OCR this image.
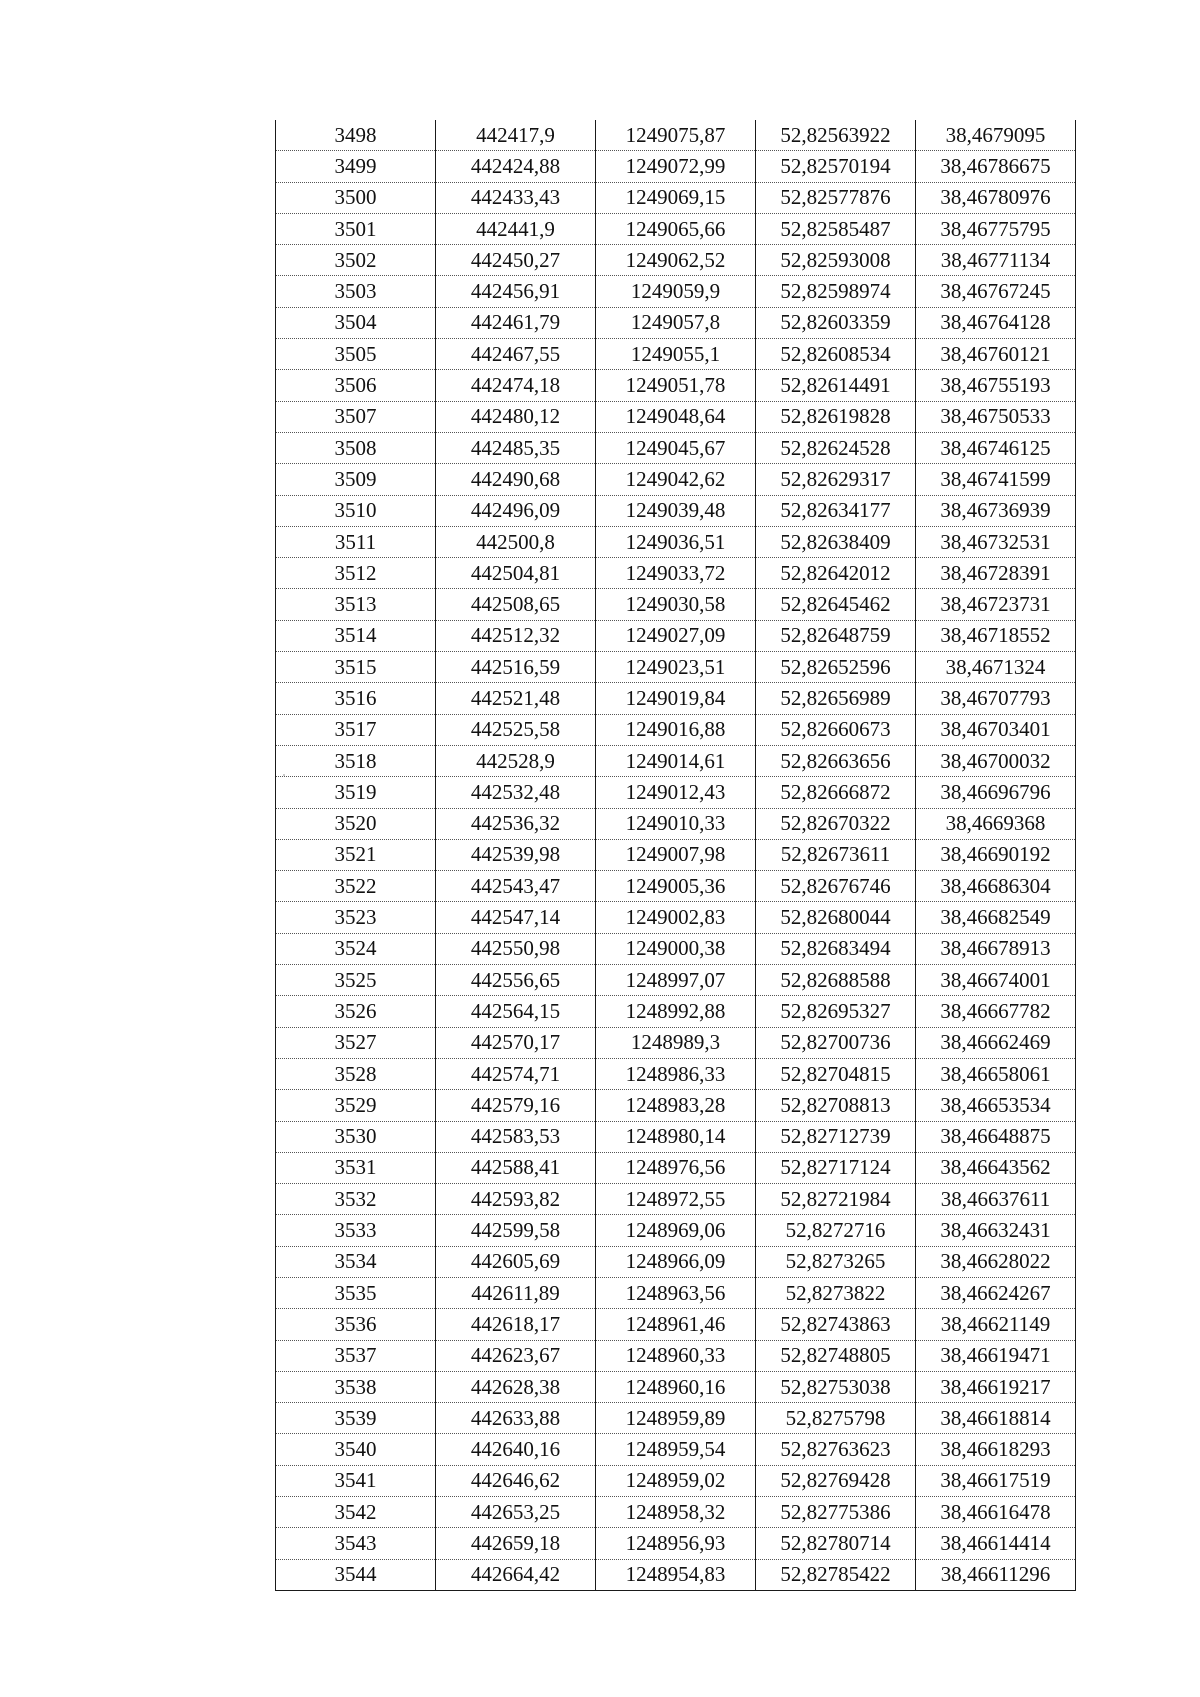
3498	442417,9	1249075,87	52,82563922	38,4679095
3499	442424,88	1249072,99	52,82570194	38,46786675
3500	442433,43	1249069,15	52,82577876	38,46780976
3501	442441,9	1249065,66	52,82585487	38,46775795
3502	442450,27	1249062,52	52,82593008	38,46771134
3503	442456,91	1249059,9	52,82598974	38,46767245
3504	442461,79	1249057,8	52,82603359	38,46764128
3505	442467,55	1249055,1	52,82608534	38,46760121
3506	442474,18	1249051,78	52,82614491	38,46755193
3507	442480,12	1249048,64	52,82619828	38,46750533
3508	442485,35	1249045,67	52,82624528	38,46746125
3509	442490,68	1249042,62	52,82629317	38,46741599
3510	442496,09	1249039,48	52,82634177	38,46736939
3511	442500,8	1249036,51	52,82638409	38,46732531
3512	442504,81	1249033,72	52,82642012	38,46728391
3513	442508,65	1249030,58	52,82645462	38,46723731
3514	442512,32	1249027,09	52,82648759	38,46718552
3515	442516,59	1249023,51	52,82652596	38,4671324
3516	442521,48	1249019,84	52,82656989	38,46707793
3517	442525,58	1249016,88	52,82660673	38,46703401
3518	442528,9	1249014,61	52,82663656	38,46700032
3519	442532,48	1249012,43	52,82666872	38,46696796
3520	442536,32	1249010,33	52,82670322	38,4669368
3521	442539,98	1249007,98	52,82673611	38,46690192
3522	442543,47	1249005,36	52,82676746	38,46686304
3523	442547,14	1249002,83	52,82680044	38,46682549
3524	442550,98	1249000,38	52,82683494	38,46678913
3525	442556,65	1248997,07	52,82688588	38,46674001
3526	442564,15	1248992,88	52,82695327	38,46667782
3527	442570,17	1248989,3	52,82700736	38,46662469
3528	442574,71	1248986,33	52,82704815	38,46658061
3529	442579,16	1248983,28	52,82708813	38,46653534
3530	442583,53	1248980,14	52,82712739	38,46648875
3531	442588,41	1248976,56	52,82717124	38,46643562
3532	442593,82	1248972,55	52,82721984	38,46637611
3533	442599,58	1248969,06	52,8272716	38,46632431
3534	442605,69	1248966,09	52,8273265	38,46628022
3535	442611,89	1248963,56	52,8273822	38,46624267
3536	442618,17	1248961,46	52,82743863	38,46621149
3537	442623,67	1248960,33	52,82748805	38,46619471
3538	442628,38	1248960,16	52,82753038	38,46619217
3539	442633,88	1248959,89	52,8275798	38,46618814
3540	442640,16	1248959,54	52,82763623	38,46618293
3541	442646,62	1248959,02	52,82769428	38,46617519
3542	442653,25	1248958,32	52,82775386	38,46616478
3543	442659,18	1248956,93	52,82780714	38,46614414
3544	442664,42	1248954,83	52,82785422	38,46611296
